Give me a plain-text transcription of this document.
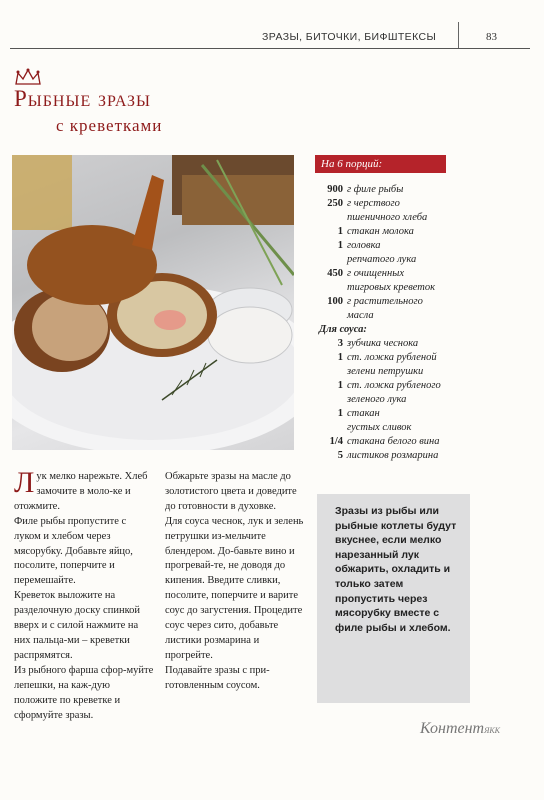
ЗРАЗЫ, БИТОЧКИ, БИФШТЕКСЫ	83
Рыбные зразы
с креветками
На 6 порций:
900 г филе рыбы
250 г черствого
пшеничного хлеба
1 стакан молока
1 головка
репчатого лука
450 г очищенных
тигровых креветок
100 г растительного
масла
Для соуса:
3 зубчика чеснока
1 ст. ложка рубленой
зелени петрушки
1 ст. ложка рубленого
зеленого лука
1 стакан
густых сливок
1/4 стакана белого вина
5 листиков розмарина
Л ук мелко нарежьте. Хлеб замочите в моло-ке и отожмите.
Филе рыбы пропустите с луком и хлебом через мясорубку. Добавьте яйцо, посолите, поперчите и перемешайте.
Креветок выложите на разделочную доску спинкой вверх и с силой нажмите на них пальца-ми – креветки распрямятся.
Из рыбного фарша сфор-муйте лепешки, на каж-дую положите по креветке и сформуйте зразы.

Обжарьте зразы на масле до золотистого цвета и доведите до готовности в духовке.
Для соуса чеснок, лук и зелень петрушки из-мельчите блендером. До-бавьте вино и прогревай-те, не доводя до кипения. Введите сливки, посолите, поперчите и варите соус до загустения. Процедите соус через сито, добавьте листики розмарина и прогрейте.
Подавайте зразы с при-готовленным соусом.

Зразы из рыбы или рыбные котлеты будут вкуснее, если мелко нарезанный лук обжарить, охладить и только затем пропустить через мясорубку вместе с филе рыбы и хлебом.
КонтентЯКК
